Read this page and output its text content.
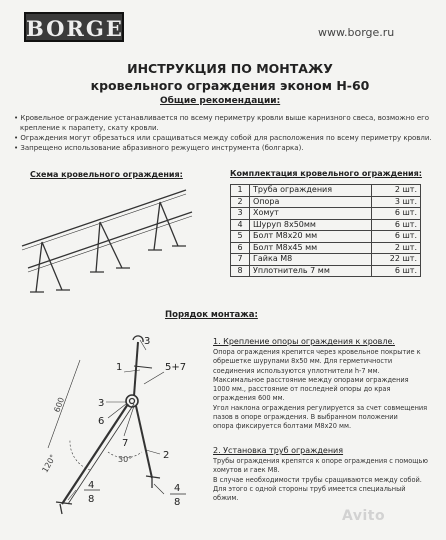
BORGE	www.borge.ru
ИНСТРУКЦИЯ ПО МОНТАЖУ
кровельного ограждения эконом Н-60
Общие рекомендации:
• Кровельное ограждение устанавливается по всему периметру кровли выше карнизного свеса, возможно его
крепление к парапету, скату кровли.
• Ограждения могут обрезаться или сращиваться между собой для расположения по всему периметру кровли.
• Запрещено использование абразивного режущего инструмента (болгарка).
Схема кровельного ограждения:	Комплектация кровельного ограждения:
1	Труба ограждения	2 шт.
2	Опора	3 шт.
3	Хомут	6 шт.
4	Шуруп 8x50мм	6 шт.
5	Болт М8х20 мм	6 шт.
6	Болт М8х45 мм	2 шт.
7	Гайка М8	22 шт.
8	Уплотнитель 7 мм	6 шт.
Порядок монтажа:
1
3
5+7
3
6
7
2
4
8
4
8
600
120°	30°
1. Крепление опоры ограждения к кровле.
Опора ограждения крепится через кровельное покрытие к
обрешетке шурупами 8x50 мм. Для герметичности
соединения используются уплотнители h-7 мм.
Максимальное расстояние между опорами ограждения
1000 мм., расстояние от последней опоры до края
ограждения 600 мм.
Угол наклона ограждения регулируется за счет совмещения
пазов в опоре ограждения. В выбранном положении
опора фиксируется болтами М8x20 мм.
2. Установка труб ограждения
Трубы ограждения крепятся к опоре ограждения с помощью
хомутов и гаек М8.
В случае необходимости трубы сращиваются между собой.
Для этого с одной стороны труб имеется специальный
обжим.
Avito
